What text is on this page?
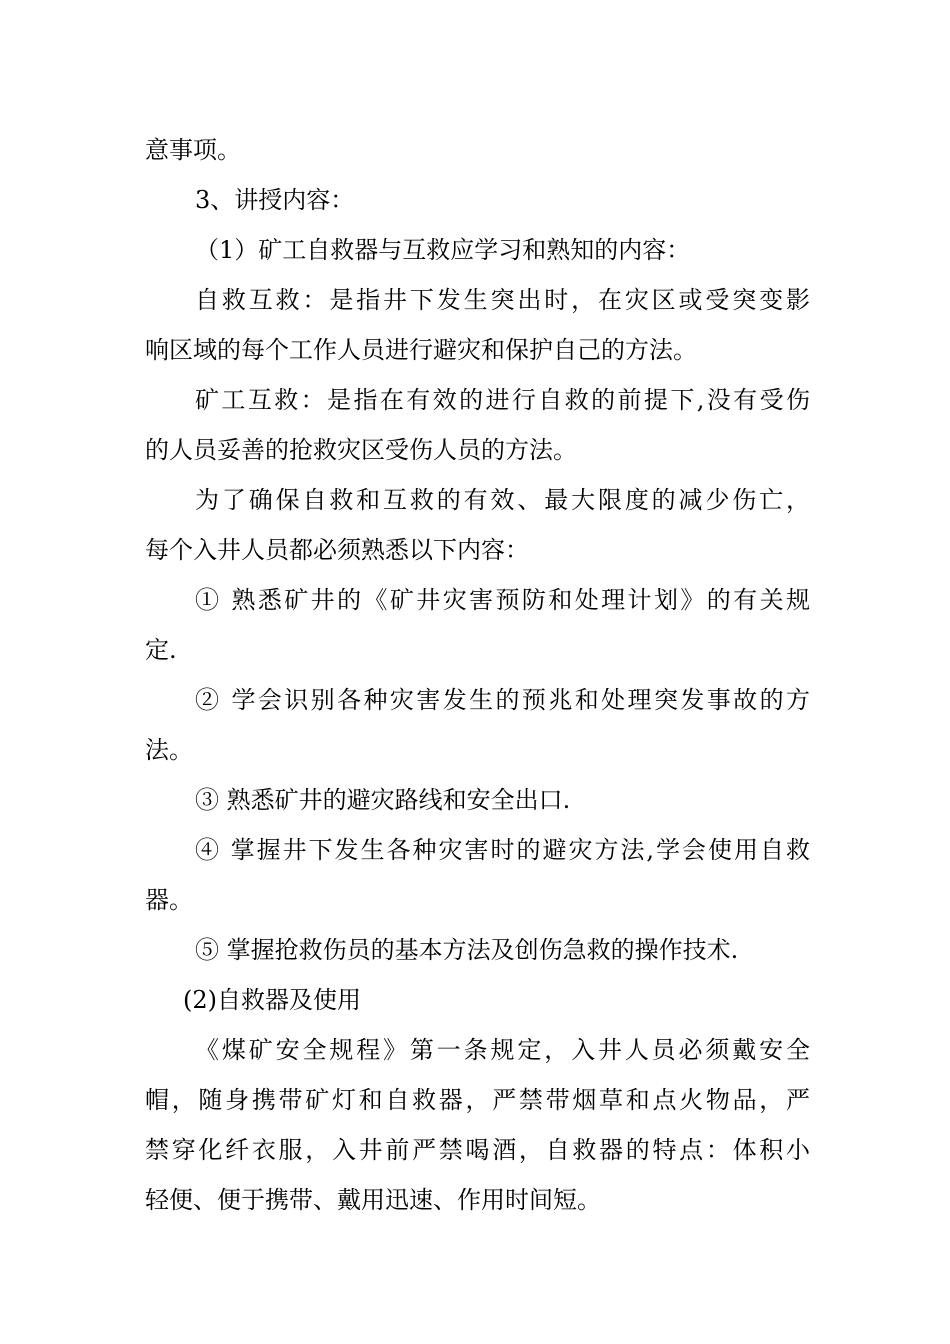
意事项。
3、讲授内容：
（1）矿工自救器与互救应学习和熟知的内容：
自救互救：是指井下发生突出时，在灾区或受突变影
响区域的每个工作人员进行避灾和保护自己的方法。
矿工互救：是指在有效的进行自救的前提下,没有受伤
的人员妥善的抢救灾区受伤人员的方法。
为了确保自救和互救的有效、最大限度的减少伤亡，
每个入井人员都必须熟悉以下内容：
① 熟悉矿井的《矿井灾害预防和处理计划》的有关规
定.
② 学会识别各种灾害发生的预兆和处理突发事故的方
法。
③ 熟悉矿井的避灾路线和安全出口.
④ 掌握井下发生各种灾害时的避灾方法,学会使用自救
器。
⑤ 掌握抢救伤员的基本方法及创伤急救的操作技术.
(2)自救器及使用
《煤矿安全规程》第一条规定，入井人员必须戴安全
帽，随身携带矿灯和自救器，严禁带烟草和点火物品，严
禁穿化纤衣服，入井前严禁喝酒，自救器的特点：体积小
轻便、便于携带、戴用迅速、作用时间短。
